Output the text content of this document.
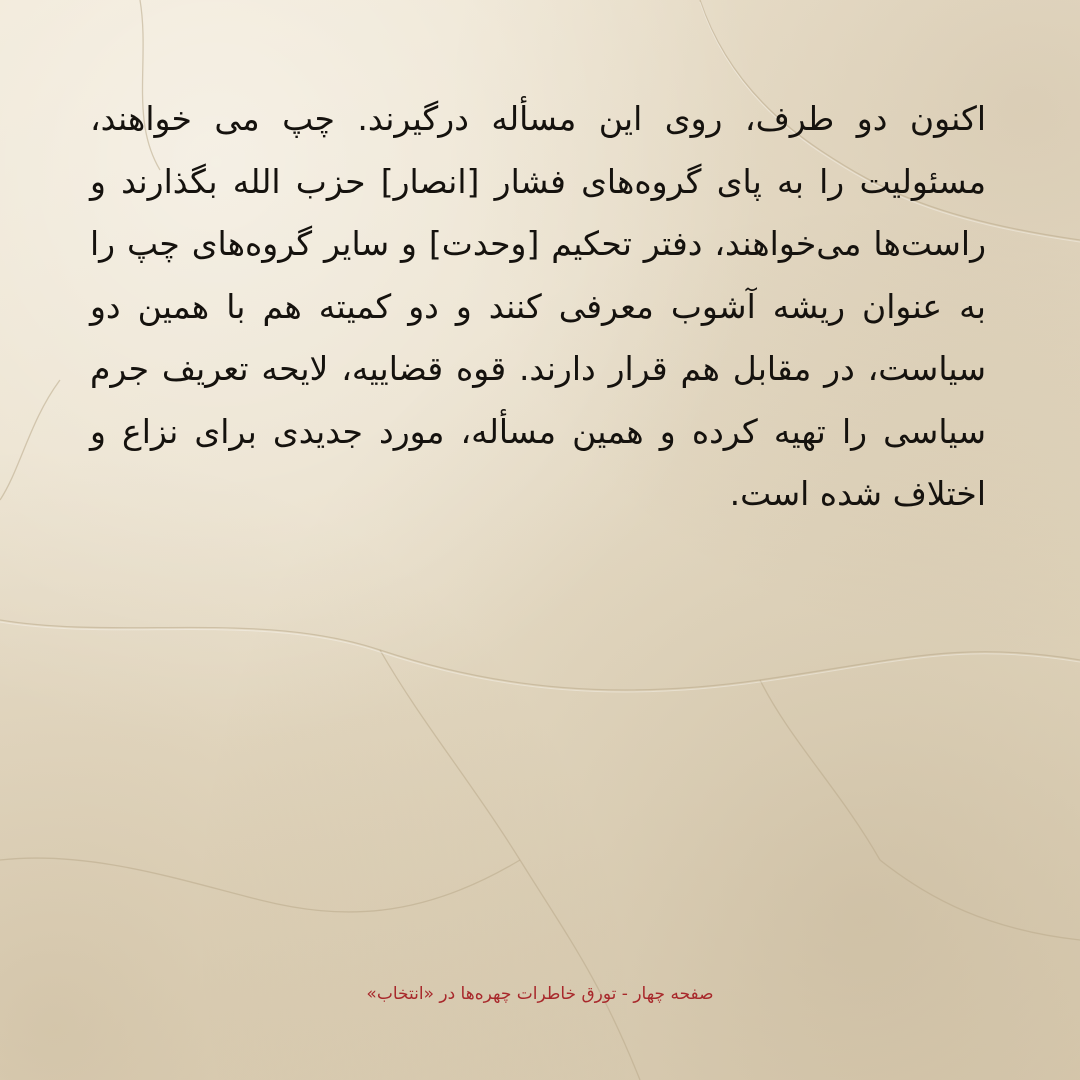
اکنون دو طرف، روی این مسأله درگیرند. چپ می خواهند، مسئولیت را به پای گروه‌های فشار [انصار] حزب الله بگذارند و راست‌ها می‌خواهند، دفتر تحکیم [وحدت] و سایر گروه‌های چپ را به عنوان ریشه آشوب معرفی کنند و دو کمیته هم با همین دو سیاست، در مقابل هم قرار دارند. قوه قضاییه، لایحه تعریف جرم سیاسی را تهیه کرده و همین مسأله، مورد جدیدی برای نزاع و اختلاف شده است.

صفحه چهار - تورق خاطرات چهره‌ها در «انتخاب»
